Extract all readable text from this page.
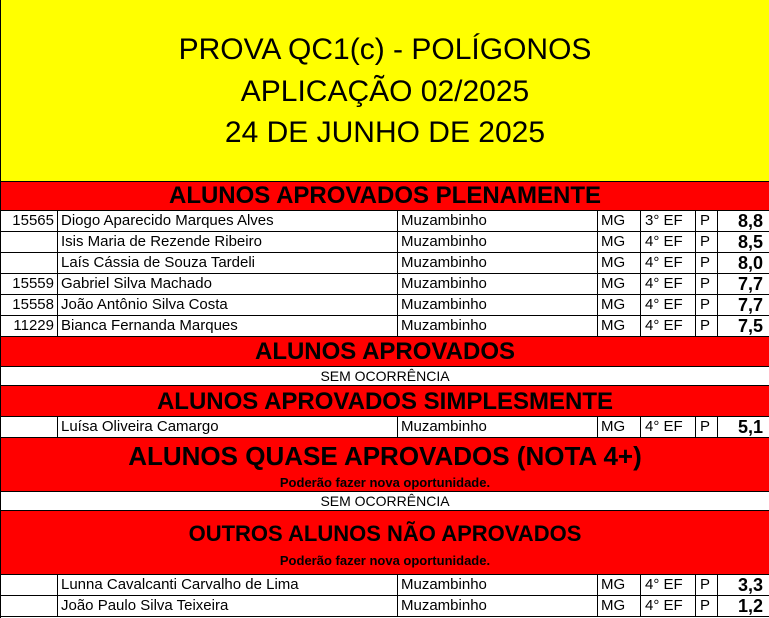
PROVA QC1(c) - POLÍGONOS
APLICAÇÃO 02/2025
24 DE JUNHO DE 2025
ALUNOS APROVADOS PLENAMENTE
15565 Diogo Aparecido Marques Alves	Muzambinho	MG	3° EF	P	8,8
Isis Maria de Rezende Ribeiro	Muzambinho	MG	4° EF	P	8,5
Laís Cássia de Souza Tardeli	Muzambinho	MG	4° EF	P	8,0
15559 Gabriel Silva Machado	Muzambinho	MG	4° EF	P	7,7
15558 João Antônio Silva Costa	Muzambinho	MG	4° EF	P	7,7
11229 Bianca Fernanda Marques	Muzambinho	MG	4° EF	P	7,5
ALUNOS APROVADOS
SEM OCORRÊNCIA
ALUNOS APROVADOS SIMPLESMENTE
Luísa Oliveira Camargo	Muzambinho	MG	4° EF	P	5,1
ALUNOS QUASE APROVADOS (NOTA 4+)
Poderão fazer nova oportunidade.
SEM OCORRÊNCIA
OUTROS ALUNOS NÃO APROVADOS
Poderão fazer nova oportunidade.
Lunna Cavalcanti Carvalho de Lima	Muzambinho	MG	4° EF	P	3,3
João Paulo Silva Teixeira	Muzambinho	MG	4° EF	P	1,2
